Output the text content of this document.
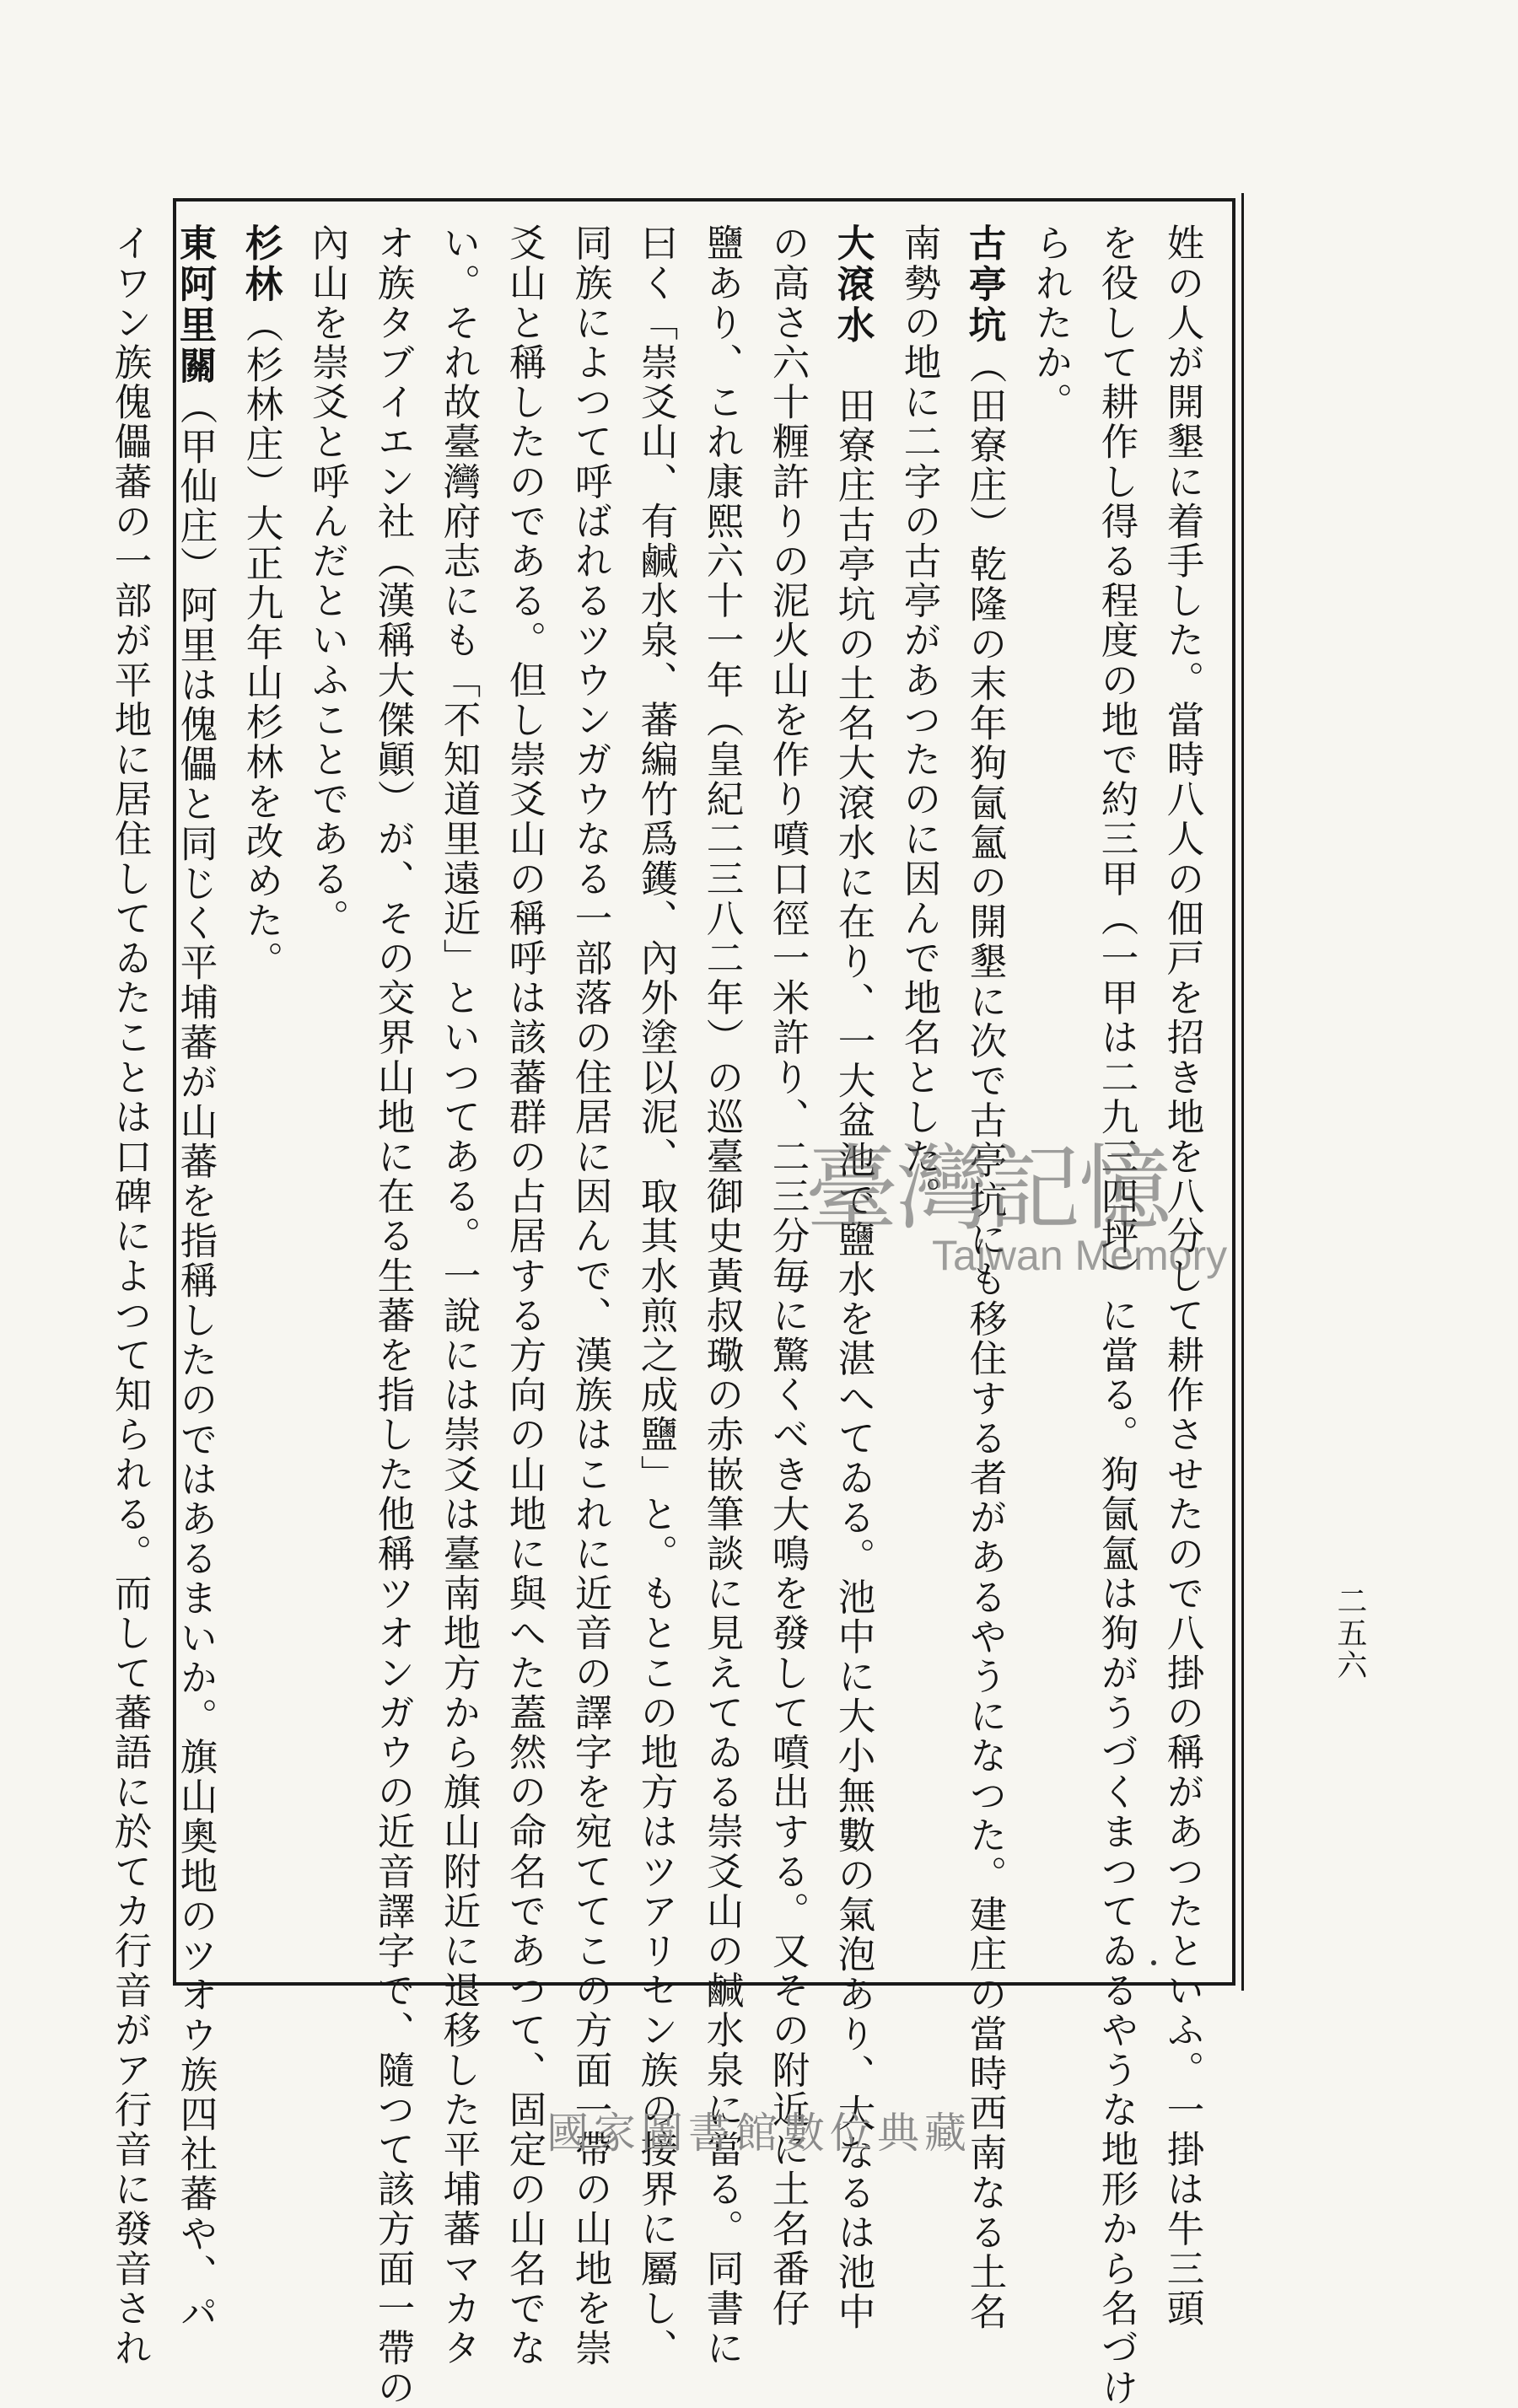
二五六
姓の人が開墾に着手した。當時八人の佃戸を招き地を八分して耕作させたので八掛の稱があつたといふ。一掛は牛三頭
を役して耕作し得る程度の地で約三甲（一甲は二九三四坪）に當る。狗氤氳は狗がうづくまつてゐるやうな地形から名づけ
られたか。
古亭坑（田寮庄）乾隆の末年狗氤氳の開墾に次で古亭坑にも移住する者があるやうになつた。建庄の當時西南なる土名
南勢の地に二字の古亭があつたのに因んで地名とした。
大滾水　田寮庄古亭坑の土名大滾水に在り、一大盆池で鹽水を湛へてゐる。池中に大小無數の氣泡あり、大なるは池中
の高さ六十糎許りの泥火山を作り噴口徑一米許り、二三分毎に驚くべき大鳴を發して噴出する。又その附近に土名番仔
鹽あり、これ康熙六十一年（皇紀二三八二年）の巡臺御史黃叔璥の赤嵌筆談に見えてゐる崇爻山の鹹水泉に當る。同書に
曰く「崇爻山、有鹹水泉、蕃編竹爲鑊、內外塗以泥、取其水煎之成鹽」と。もとこの地方はツアリセン族の接界に屬し、
同族によつて呼ばれるツウンガウなる一部落の住居に因んで、漢族はこれに近音の譯字を宛ててこの方面一帶の山地を崇
爻山と稱したのである。但し崇爻山の稱呼は該蕃群の占居する方向の山地に與へた蓋然の命名であつて、固定の山名でな
い。それ故臺灣府志にも「不知道里遠近」といつてある。一說には崇爻は臺南地方から旗山附近に退移した平埔蕃マカタ
オ族タブイエン社（漢稱大傑顚）が、その交界山地に在る生蕃を指した他稱ツオンガウの近音譯字で、隨つて該方面一帶の
內山を崇爻と呼んだといふことである。
杉林（杉林庄）大正九年山杉林を改めた。
東阿里關（甲仙庄）阿里は傀儡と同じく平埔蕃が山蕃を指稱したのではあるまいか。旗山奧地のツオウ族四社蕃や、パ
イワン族傀儡蕃の一部が平地に居住してゐたことは口碑によつて知られる。而して蕃語に於てカ行音がア行音に發音され	臺灣記憶
Taiwan Memory
國家圖書館數位典藏
